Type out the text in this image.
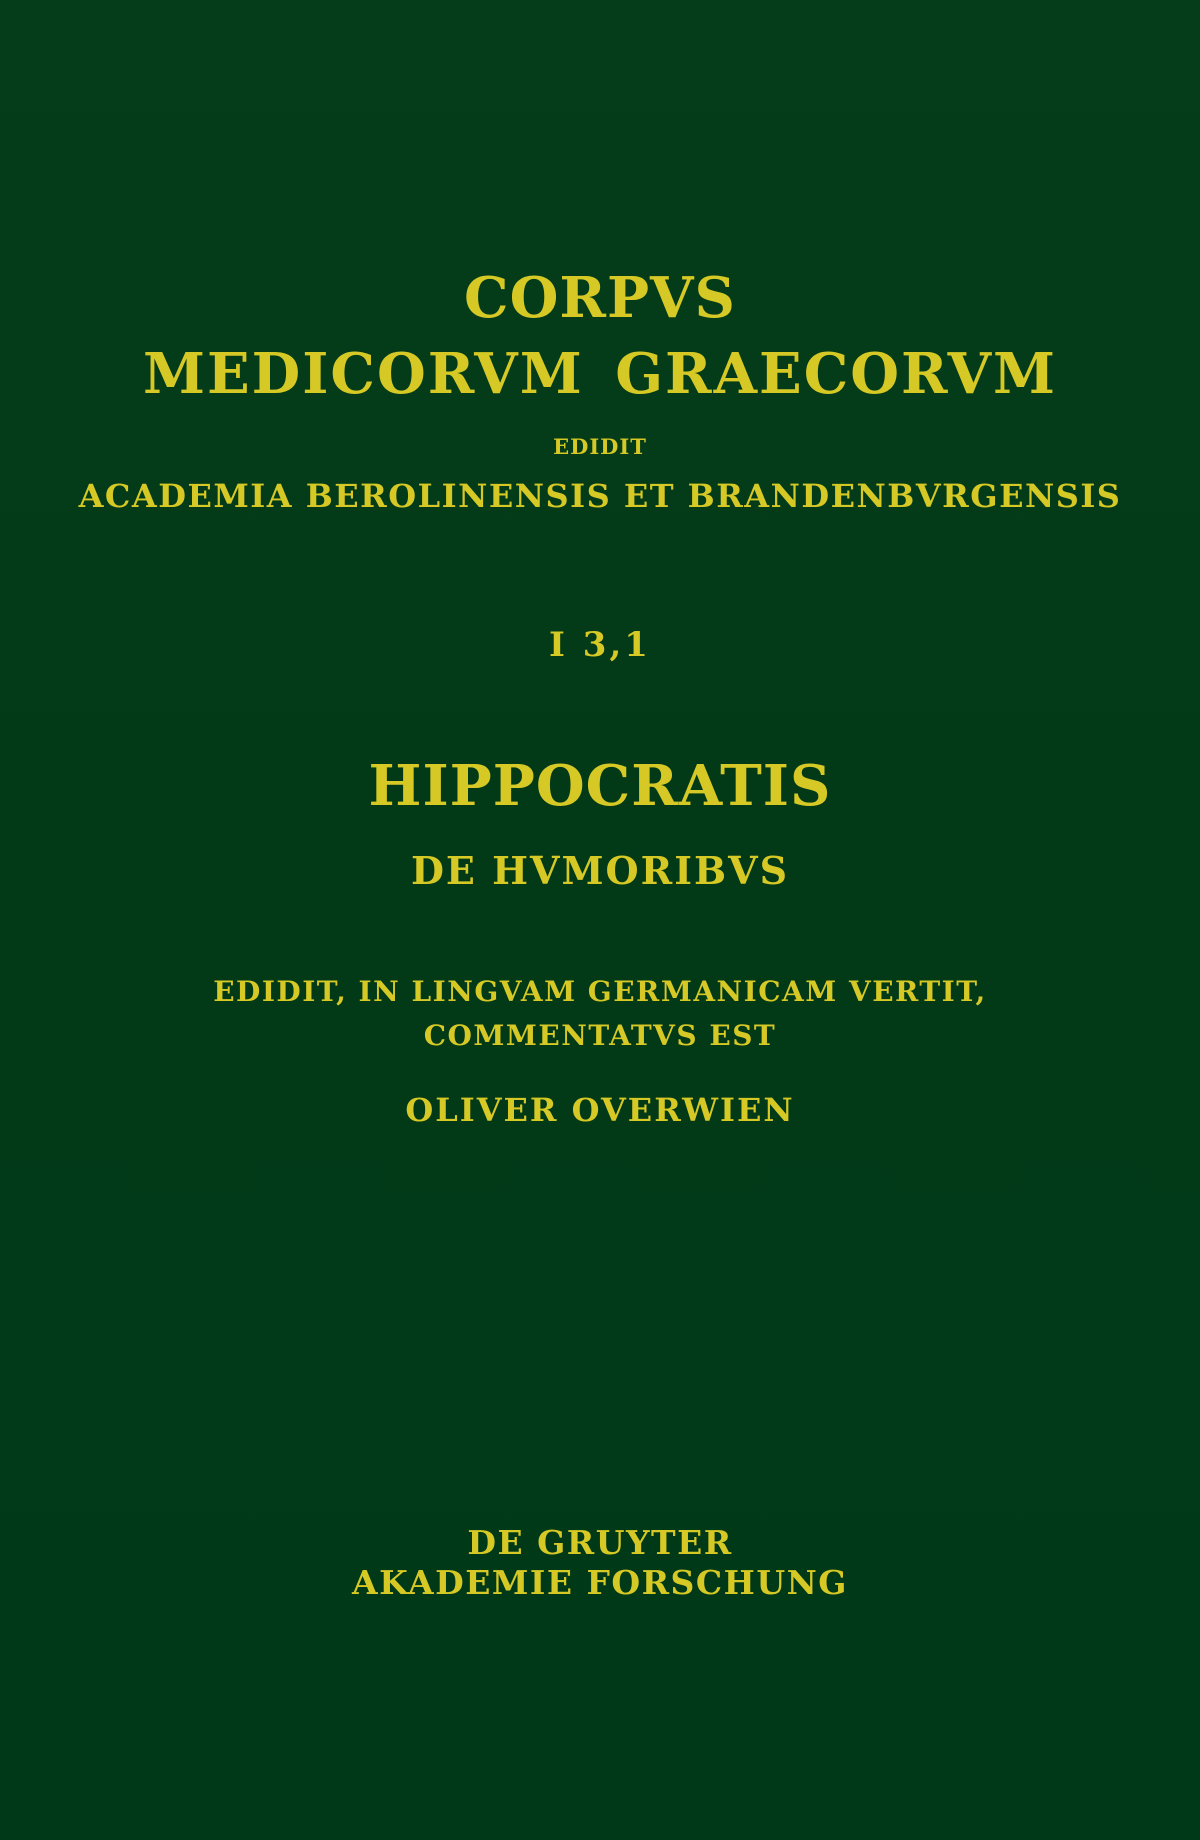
CORPVS
MEDICORVM GRAECORVM
EDIDIT
ACADEMIA BEROLINENSIS ET BRANDENBVRGENSIS
I 3,1
HIPPOCRATIS
DE HVMORIBVS
EDIDIT, IN LINGVAM GERMANICAM VERTIT,
COMMENTATVS EST
OLIVER OVERWIEN
DE GRUYTER
AKADEMIE FORSCHUNG
